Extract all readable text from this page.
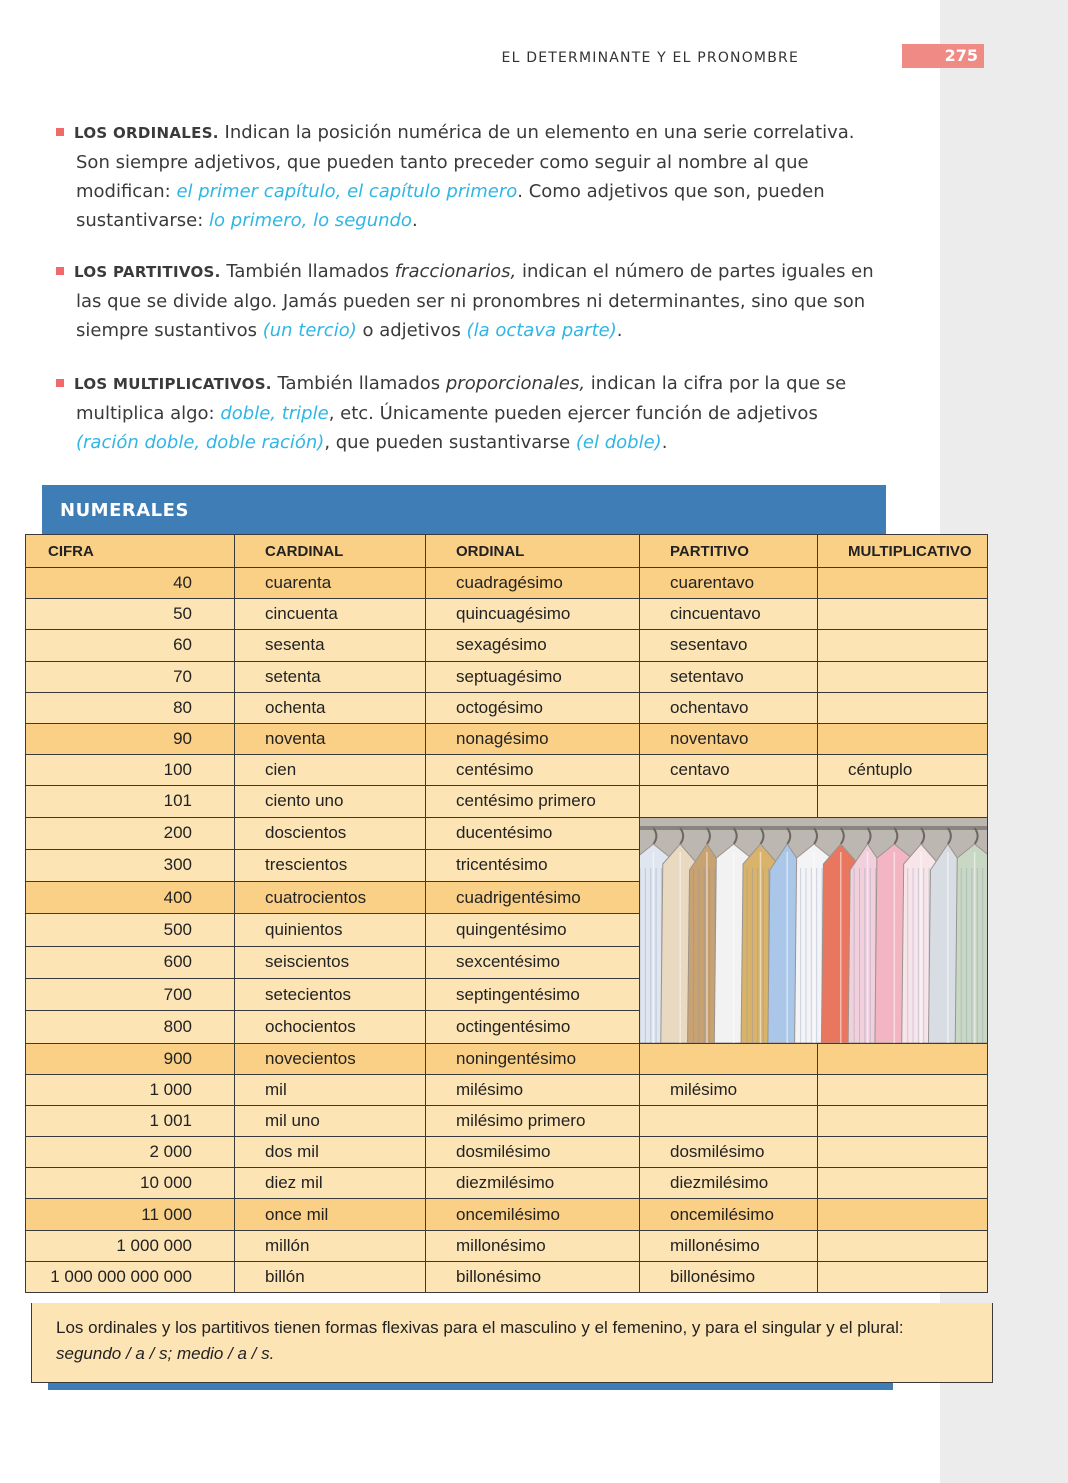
EL DETERMINANTE Y EL PRONOMBRE	275
LOS ORDINALES. Indican la posición numérica de un elemento en una serie correlativa. Son siempre adjetivos, que pueden tanto preceder como seguir al nombre al que modifican: el primer capítulo, el capítulo primero. Como adjetivos que son, pueden sustantivarse: lo primero, lo segundo.
LOS PARTITIVOS. También llamados fraccionarios, indican el número de partes iguales en las que se divide algo. Jamás pueden ser ni pronombres ni determinantes, sino que son siempre sustantivos (un tercio) o adjetivos (la octava parte).
LOS MULTIPLICATIVOS. También llamados proporcionales, indican la cifra por la que se multiplica algo: doble, triple, etc. Únicamente pueden ejercer función de adjetivos (ración doble, doble ración), que pueden sustantivarse (el doble).
NUMERALES
CIFRA	CARDINAL	ORDINAL	PARTITIVO	MULTIPLICATIVO
40	cuarenta	cuadragésimo	cuarentavo	
50	cincuenta	quincuagésimo	cincuentavo	
60	sesenta	sexagésimo	sesentavo	
70	setenta	septuagésimo	setentavo	
80	ochenta	octogésimo	ochentavo	
90	noventa	nonagésimo	noventavo	
100	cien	centésimo	centavo	céntuplo
101	ciento uno	centésimo primero		
200	doscientos	ducentésimo	

300	trescientos	tricentésimo		
400	cuatrocientos	cuadrigentésimo		
500	quinientos	quingentésimo		
600	seiscientos	sexcentésimo		
700	setecientos	septingentésimo		
800	ochocientos	octingentésimo		
900	novecientos	noningentésimo		
1 000	mil	milésimo	milésimo	
1 001	mil uno	milésimo primero		
2 000	dos mil	dosmilésimo	dosmilésimo	
10 000	diez mil	diezmilésimo	diezmilésimo	
11 000	once mil	oncemilésimo	oncemilésimo	
1 000 000	millón	millonésimo	millonésimo	
1 000 000 000 000	billón	billonésimo	billonésimo	
Los ordinales y los partitivos tienen formas flexivas para el masculino y el femenino, y para el singular y el plural:
segundo / a / s; medio / a / s.
